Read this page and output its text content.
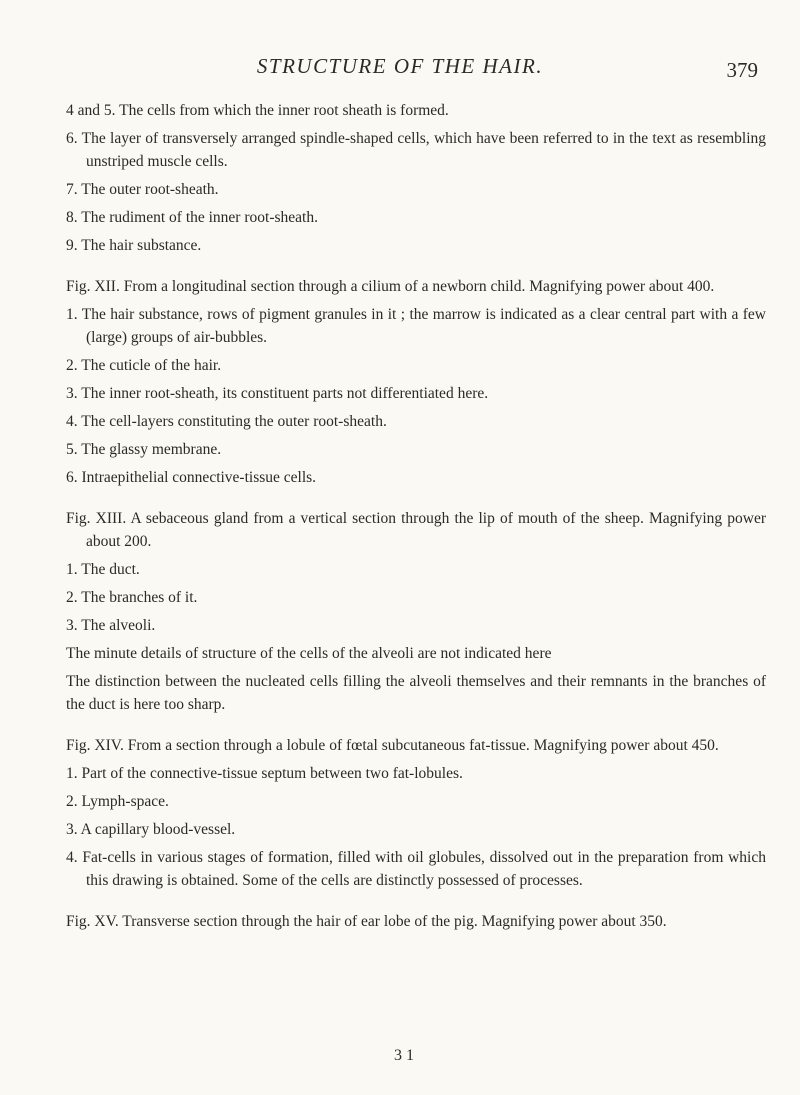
STRUCTURE OF THE HAIR.	379

4 and 5. The cells from which the inner root sheath is formed.

6. The layer of transversely arranged spindle-shaped cells, which have been referred to in the text as resembling unstriped muscle cells.

7. The outer root-sheath.

8. The rudiment of the inner root-sheath.

9. The hair substance.

Fig. XII. From a longitudinal section through a cilium of a newborn child. Magnifying power about 400.

1. The hair substance, rows of pigment granules in it ; the marrow is indicated as a clear central part with a few (large) groups of air-bubbles.

2. The cuticle of the hair.

3. The inner root-sheath, its constituent parts not differentiated here.

4. The cell-layers constituting the outer root-sheath.

5. The glassy membrane.

6. Intraepithelial connective-tissue cells.

Fig. XIII. A sebaceous gland from a vertical section through the lip of mouth of the sheep. Magnifying power about 200.

1. The duct.

2. The branches of it.

3. The alveoli.

The minute details of structure of the cells of the alveoli are not indicated here

The distinction between the nucleated cells filling the alveoli themselves and their remnants in the branches of the duct is here too sharp.

Fig. XIV. From a section through a lobule of fœtal subcutaneous fat-tissue. Magnifying power about 450.

1. Part of the connective-tissue septum between two fat-lobules.

2. Lymph-space.

3. A capillary blood-vessel.

4. Fat-cells in various stages of formation, filled with oil globules, dissolved out in the preparation from which this drawing is obtained. Some of the cells are distinctly possessed of processes.

Fig. XV. Transverse section through the hair of ear lobe of the pig. Magnifying power about 350.

3 1
